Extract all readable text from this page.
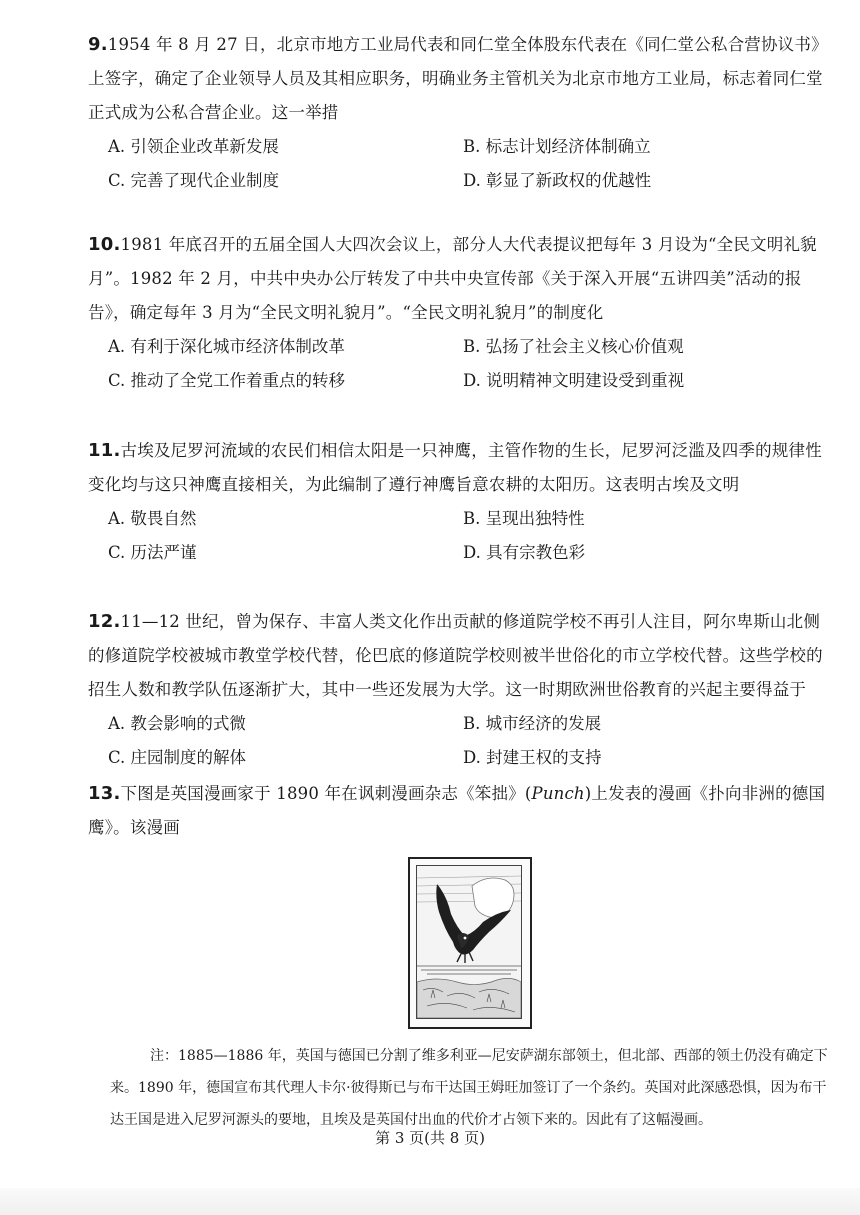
9.1954 年 8 月 27 日，北京市地方工业局代表和同仁堂全体股东代表在《同仁堂公私合营协议书》上签字，确定了企业领导人员及其相应职务，明确业务主管机关为北京市地方工业局，标志着同仁堂正式成为公私合营企业。这一举措
A. 引领企业改革新发展	B. 标志计划经济体制确立
C. 完善了现代企业制度	D. 彰显了新政权的优越性
10.1981 年底召开的五届全国人大四次会议上，部分人大代表提议把每年 3 月设为“全民文明礼貌月”。1982 年 2 月，中共中央办公厅转发了中共中央宣传部《关于深入开展“五讲四美”活动的报告》，确定每年 3 月为“全民文明礼貌月”。“全民文明礼貌月”的制度化
A. 有利于深化城市经济体制改革	B. 弘扬了社会主义核心价值观
C. 推动了全党工作着重点的转移	D. 说明精神文明建设受到重视
11.古埃及尼罗河流域的农民们相信太阳是一只神鹰，主管作物的生长，尼罗河泛滥及四季的规律性变化均与这只神鹰直接相关，为此编制了遵行神鹰旨意农耕的太阳历。这表明古埃及文明
A. 敬畏自然	B. 呈现出独特性
C. 历法严谨	D. 具有宗教色彩
12.11—12 世纪，曾为保存、丰富人类文化作出贡献的修道院学校不再引人注目，阿尔卑斯山北侧的修道院学校被城市教堂学校代替，伦巴底的修道院学校则被半世俗化的市立学校代替。这些学校的招生人数和教学队伍逐渐扩大，其中一些还发展为大学。这一时期欧洲世俗教育的兴起主要得益于
A. 教会影响的式微	B. 城市经济的发展
C. 庄园制度的解体	D. 封建王权的支持
13.下图是英国漫画家于 1890 年在讽刺漫画杂志《笨拙》(Punch)上发表的漫画《扑向非洲的德国鹰》。该漫画
注：1885—1886 年，英国与德国已分割了维多利亚—尼安萨湖东部领土，但北部、西部的领土仍没有确定下
来。1890 年，德国宣布其代理人卡尔·彼得斯已与布干达国王姆旺加签订了一个条约。英国对此深感恐惧，因为布干达王国是进入尼罗河源头的要地，且埃及是英国付出血的代价才占领下来的。因此有了这幅漫画。
第 3 页(共 8 页)
